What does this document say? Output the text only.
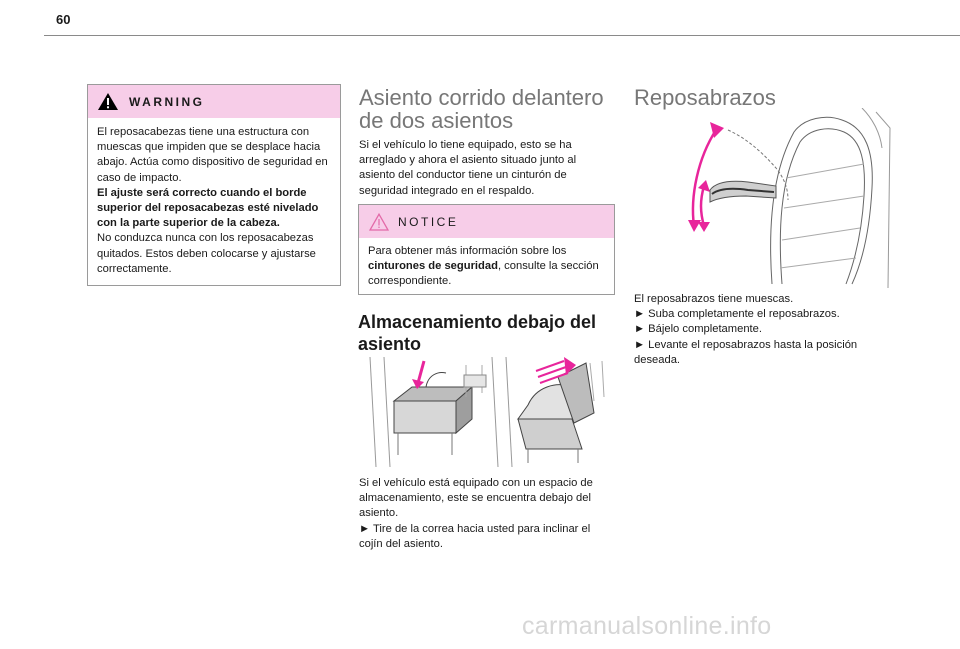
60
WARNING

El reposacabezas tiene una estructura con muescas que impiden que se desplace hacia abajo. Actúa como dispositivo de seguridad en caso de impacto.

El ajuste será correcto cuando el borde superior del reposacabezas esté nivelado con la parte superior de la cabeza.

No conduzca nunca con los reposacabezas quitados. Estos deben colocarse y ajustarse correctamente.

Asiento corrido delantero de dos asientos

Si el vehículo lo tiene equipado, esto se ha arreglado y ahora el asiento situado junto al asiento del conductor tiene un cinturón de seguridad integrado en el respaldo.

NOTICE
Para obtener más información sobre los cinturones de seguridad, consulte la sección correspondiente.
Almacenamiento debajo del asiento

Si el vehículo está equipado con un espacio de almacenamiento, este se encuentra debajo del asiento.

► Tire de la correa hacia usted para inclinar el cojín del asiento.

Reposabrazos

El reposabrazos tiene muescas.

► Suba completamente el reposabrazos.

► Bájelo completamente.

► Levante el reposabrazos hasta la posición deseada.

carmanualsonline.info
